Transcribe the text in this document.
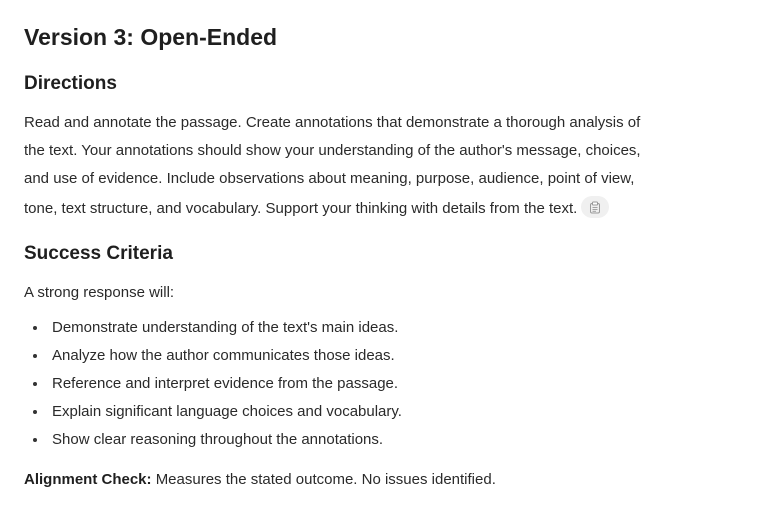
Version 3: Open-Ended
Directions

Read and annotate the passage. Create annotations that demonstrate a thorough analysis of
the text. Your annotations should show your understanding of the author's message, choices,
and use of evidence. Include observations about meaning, purpose, audience, point of view,
tone, text structure, and vocabulary. Support your thinking with details from the text.

Success Criteria

A strong response will:

Demonstrate understanding of the text's main ideas.
Analyze how the author communicates those ideas.
Reference and interpret evidence from the passage.
Explain significant language choices and vocabulary.
Show clear reasoning throughout the annotations.

Alignment Check: Measures the stated outcome. No issues identified.
